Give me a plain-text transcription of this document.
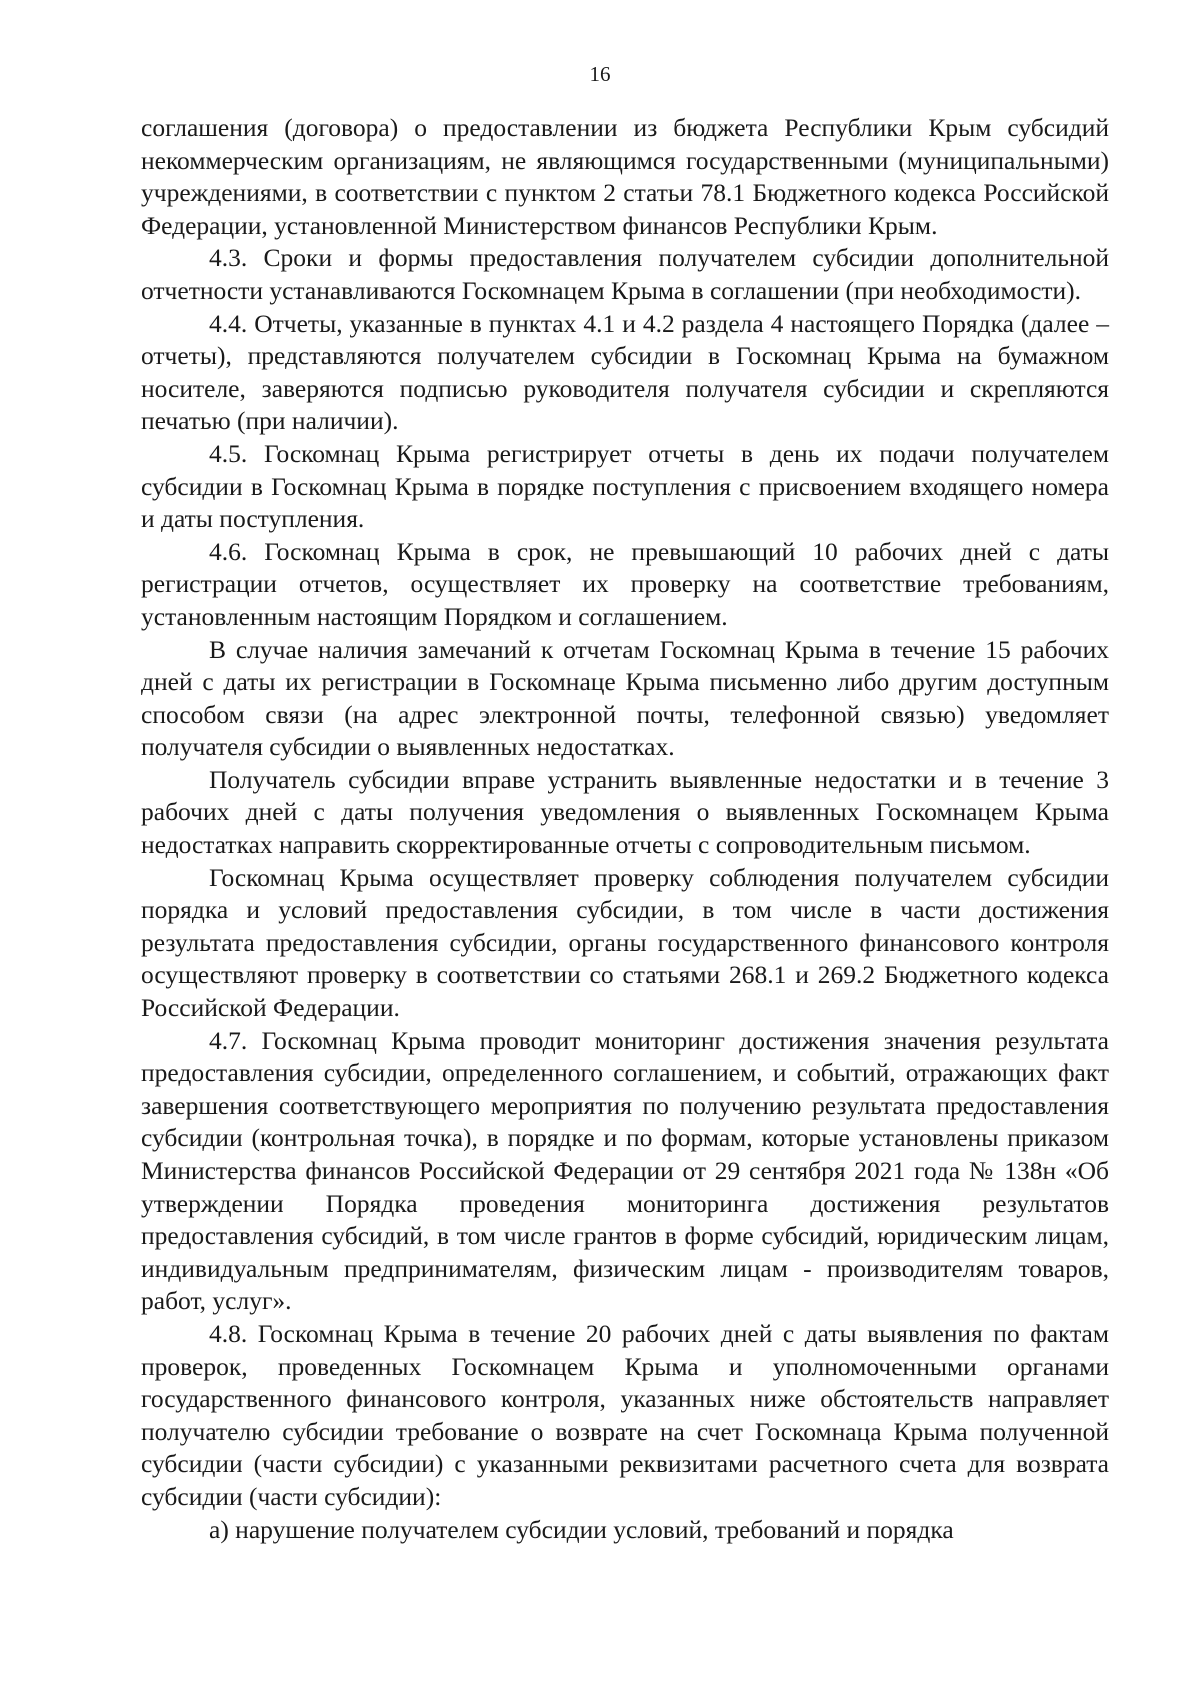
16

соглашения (договора) о предоставлении из бюджета Республики Крым субсидий некоммерческим организациям, не являющимся государственными (муниципальными) учреждениями, в соответствии с пунктом 2 статьи 78.1 Бюджетного кодекса Российской Федерации, установленной Министерством финансов Республики Крым.

4.3. Сроки и формы предоставления получателем субсидии дополнительной отчетности устанавливаются Госкомнацем Крыма в соглашении (при необходимости).

4.4. Отчеты, указанные в пунктах 4.1 и 4.2 раздела 4 настоящего Порядка (далее – отчеты), представляются получателем субсидии в Госкомнац Крыма на бумажном носителе, заверяются подписью руководителя получателя субсидии и скрепляются печатью (при наличии).

4.5. Госкомнац Крыма регистрирует отчеты в день их подачи получателем субсидии в Госкомнац Крыма в порядке поступления с присвоением входящего номера и даты поступления.

4.6. Госкомнац Крыма в срок, не превышающий 10 рабочих дней с даты регистрации отчетов, осуществляет их проверку на соответствие требованиям, установленным настоящим Порядком и соглашением.

В случае наличия замечаний к отчетам Госкомнац Крыма в течение 15 рабочих дней с даты их регистрации в Госкомнаце Крыма письменно либо другим доступным способом связи (на адрес электронной почты, телефонной связью) уведомляет получателя субсидии о выявленных недостатках.

Получатель субсидии вправе устранить выявленные недостатки и в течение 3 рабочих дней с даты получения уведомления о выявленных Госкомнацем Крыма недостатках направить скорректированные отчеты с сопроводительным письмом.

Госкомнац Крыма осуществляет проверку соблюдения получателем субсидии порядка и условий предоставления субсидии, в том числе в части достижения результата предоставления субсидии, органы государственного финансового контроля осуществляют проверку в соответствии со статьями 268.1 и 269.2 Бюджетного кодекса Российской Федерации.

4.7. Госкомнац Крыма проводит мониторинг достижения значения результата предоставления субсидии, определенного соглашением, и событий, отражающих факт завершения соответствующего мероприятия по получению результата предоставления субсидии (контрольная точка), в порядке и по формам, которые установлены приказом Министерства финансов Российской Федерации от 29 сентября 2021 года № 138н «Об утверждении Порядка проведения мониторинга достижения результатов предоставления субсидий, в том числе грантов в форме субсидий, юридическим лицам, индивидуальным предпринимателям, физическим лицам - производителям товаров, работ, услуг».

4.8. Госкомнац Крыма в течение 20 рабочих дней с даты выявления по фактам проверок, проведенных Госкомнацем Крыма и уполномоченными органами государственного финансового контроля, указанных ниже обстоятельств направляет получателю субсидии требование о возврате на счет Госкомнаца Крыма полученной субсидии (части субсидии) с указанными реквизитами расчетного счета для возврата субсидии (части субсидии):

а) нарушение получателем субсидии условий, требований и порядка
